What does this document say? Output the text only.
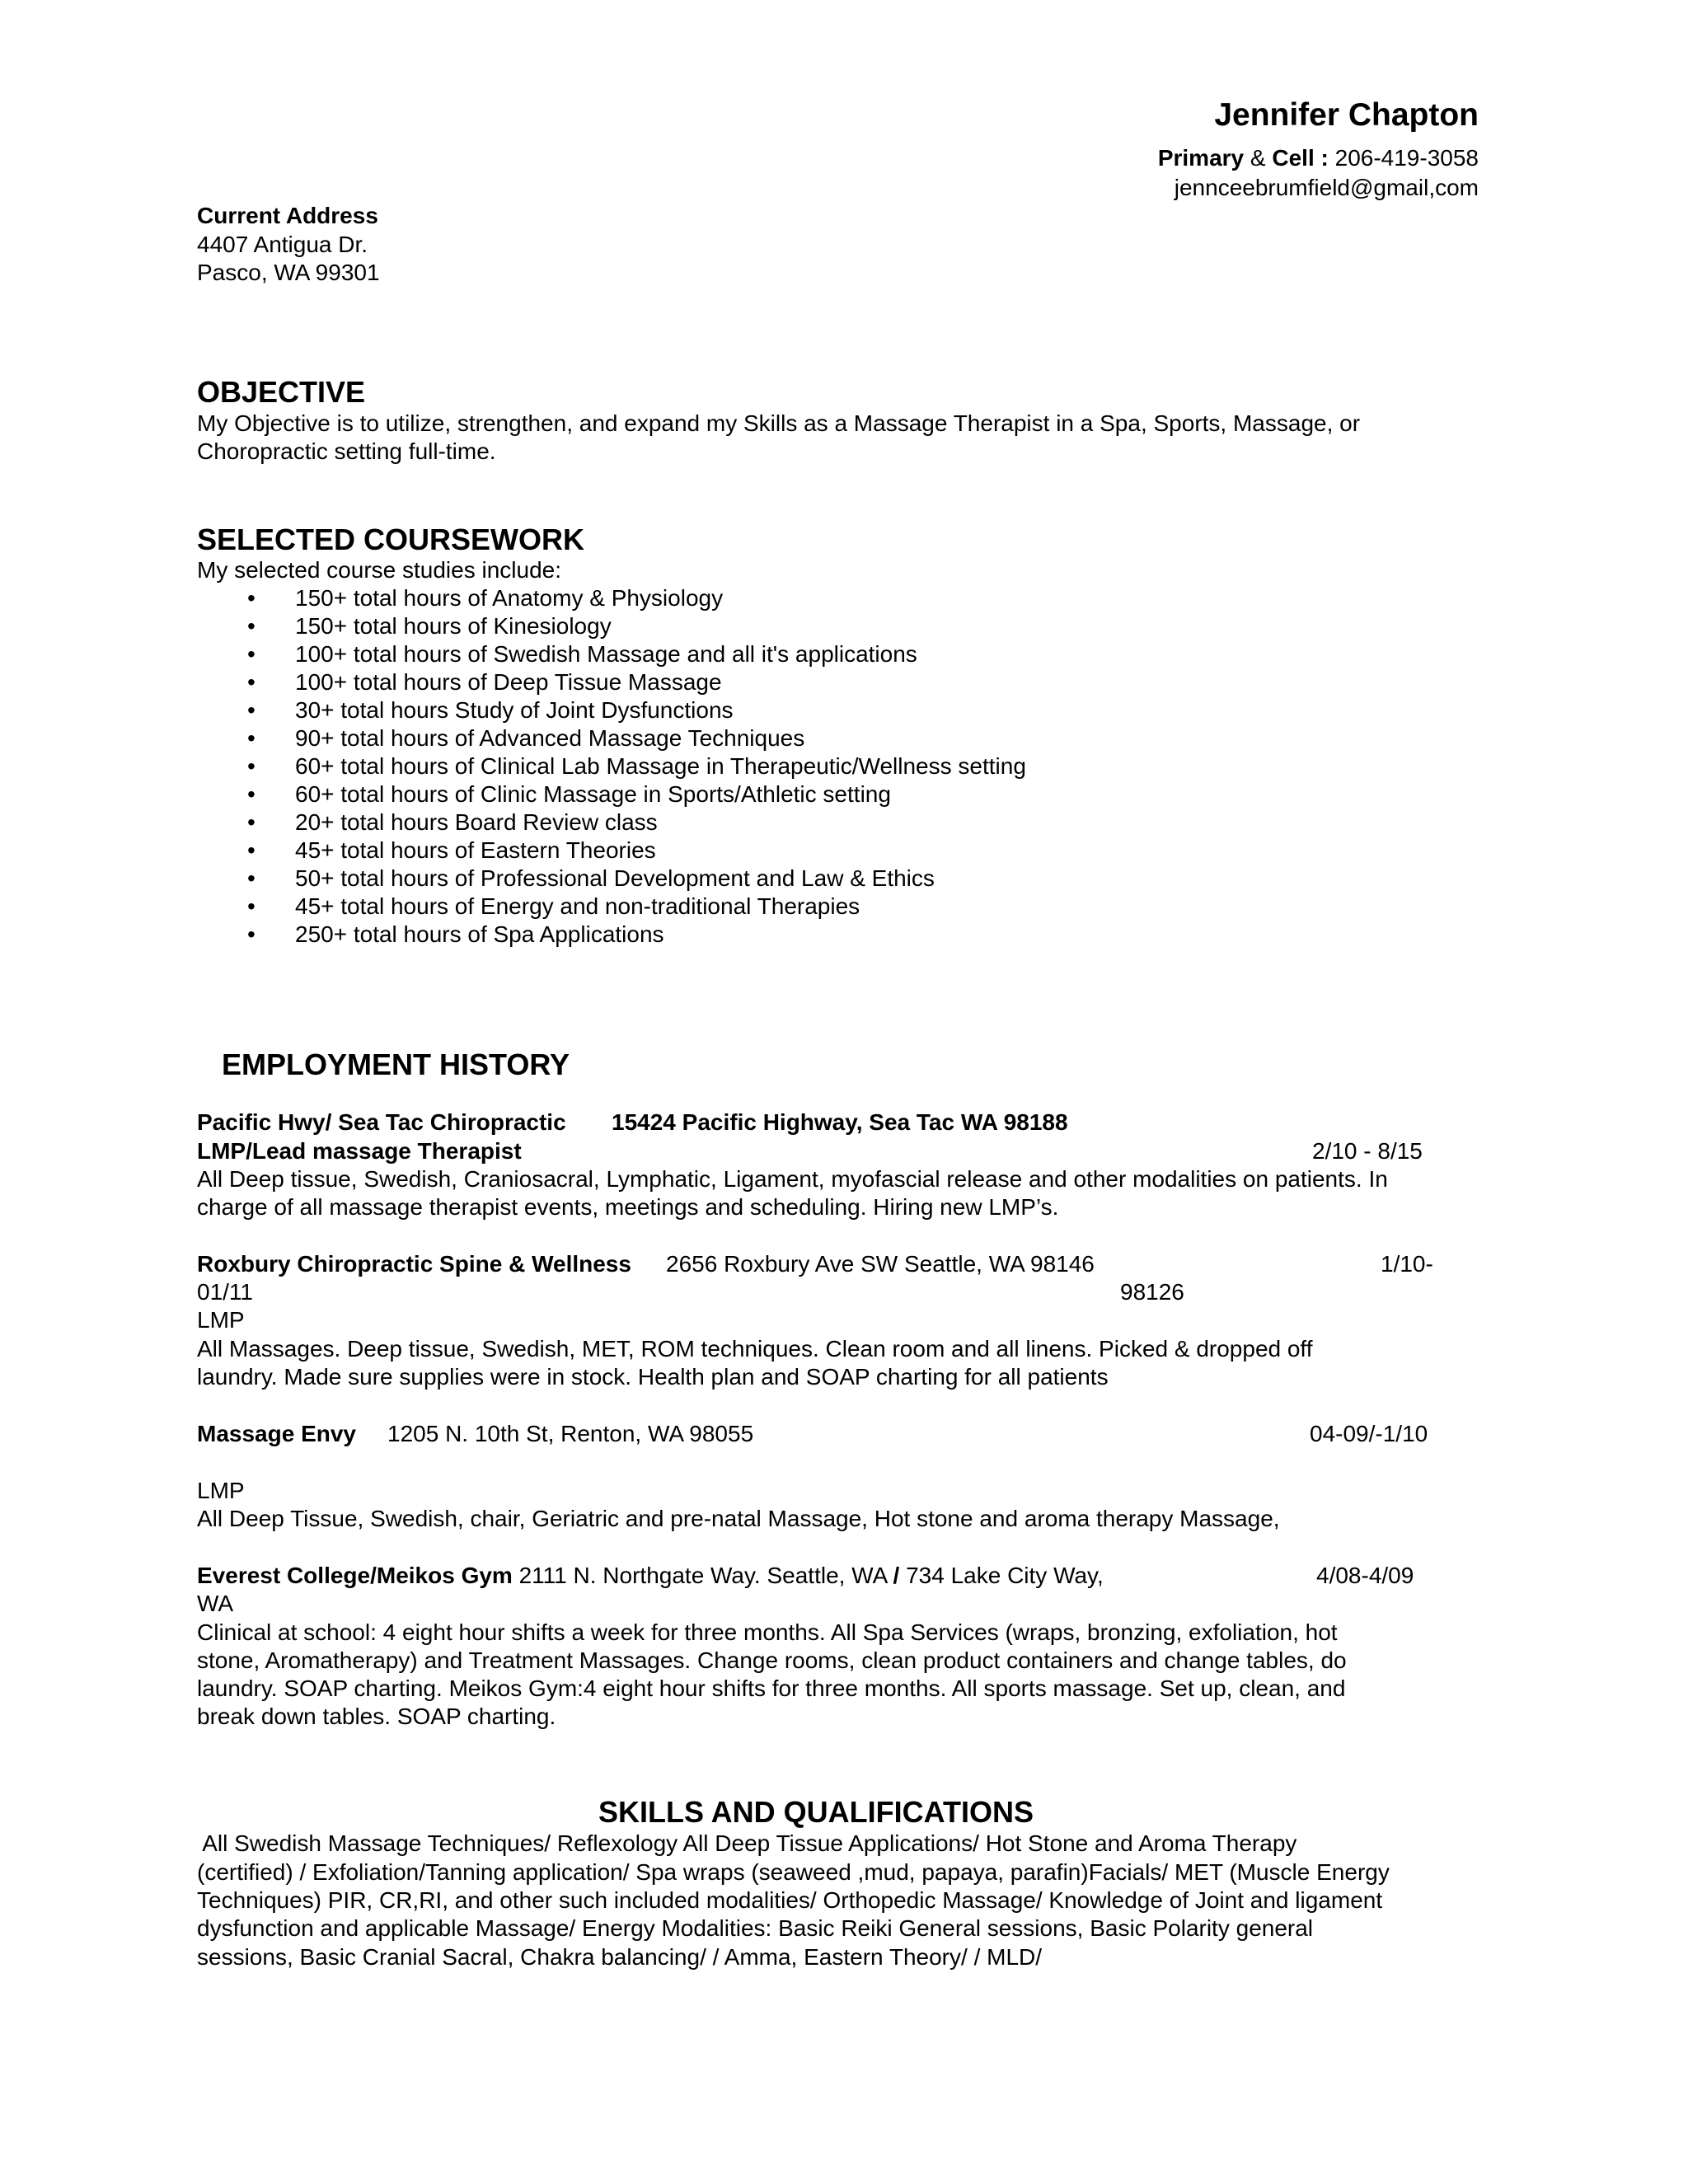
Jennifer Chapton
Primary & Cell : 206-419-3058
jennceebrumfield@gmail,com
Current Address
4407 Antigua Dr.
Pasco, WA 99301
OBJECTIVE
My Objective is to utilize, strengthen, and expand my Skills as a Massage Therapist in a Spa, Sports, Massage, or
Choropractic setting full-time.
SELECTED COURSEWORK
My selected course studies include:
• 150+ total hours of Anatomy & Physiology
• 150+ total hours of Kinesiology
• 100+ total hours of Swedish Massage and all it's applications
• 100+ total hours of Deep Tissue Massage
• 30+ total hours Study of Joint Dysfunctions
• 90+ total hours of Advanced Massage Techniques
• 60+ total hours of Clinical Lab Massage in Therapeutic/Wellness setting
• 60+ total hours of Clinic Massage in Sports/Athletic setting
• 20+ total hours Board Review class
• 45+ total hours of Eastern Theories
• 50+ total hours of Professional Development and Law & Ethics
• 45+ total hours of Energy and non-traditional Therapies
• 250+ total hours of Spa Applications
EMPLOYMENT HISTORY
Pacific Hwy/ Sea Tac Chiropractic 15424 Pacific Highway, Sea Tac WA 98188
LMP/Lead massage Therapist	2/10 - 8/15
All Deep tissue, Swedish, Craniosacral, Lymphatic, Ligament, myofascial release and other modalities on patients. In
charge of all massage therapist events, meetings and scheduling. Hiring new LMP’s.
Roxbury Chiropractic Spine & Wellness 2656 Roxbury Ave SW Seattle, WA 98146	1/10-
01/11	98126
LMP
All Massages. Deep tissue, Swedish, MET, ROM techniques. Clean room and all linens. Picked & dropped off
laundry. Made sure supplies were in stock. Health plan and SOAP charting for all patients
Massage Envy 1205 N. 10th St, Renton, WA 98055	04-09/-1/10
LMP
All Deep Tissue, Swedish, chair, Geriatric and pre-natal Massage, Hot stone and aroma therapy Massage,
Everest College/Meikos Gym 2111 N. Northgate Way. Seattle, WA / 734 Lake City Way,	4/08-4/09
WA
Clinical at school: 4 eight hour shifts a week for three months. All Spa Services (wraps, bronzing, exfoliation, hot
stone, Aromatherapy) and Treatment Massages. Change rooms, clean product containers and change tables, do
laundry. SOAP charting. Meikos Gym:4 eight hour shifts for three months. All sports massage. Set up, clean, and
break down tables. SOAP charting.
SKILLS AND QUALIFICATIONS
All Swedish Massage Techniques/ Reflexology All Deep Tissue Applications/ Hot Stone and Aroma Therapy
(certified) / Exfoliation/Tanning application/ Spa wraps (seaweed ,mud, papaya, parafin)Facials/ MET (Muscle Energy
Techniques) PIR, CR,RI, and other such included modalities/ Orthopedic Massage/ Knowledge of Joint and ligament
dysfunction and applicable Massage/ Energy Modalities: Basic Reiki General sessions, Basic Polarity general
sessions, Basic Cranial Sacral, Chakra balancing/ / Amma, Eastern Theory/ / MLD/
